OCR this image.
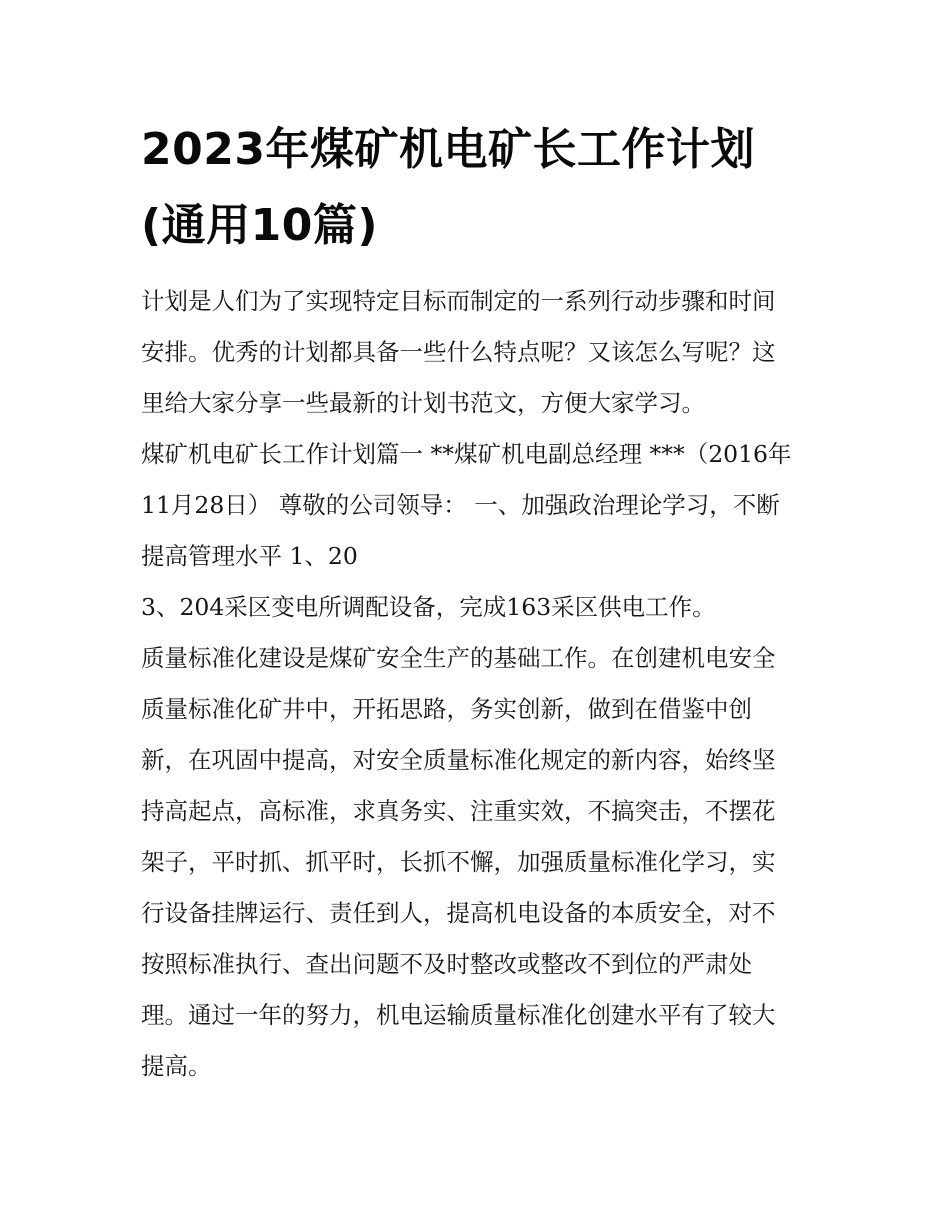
2023年煤矿机电矿长工作计划
(通用10篇)
计划是人们为了实现特定目标而制定的一系列行动步骤和时间
安排。优秀的计划都具备一些什么特点呢？又该怎么写呢？这
里给大家分享一些最新的计划书范文，方便大家学习。
煤矿机电矿长工作计划篇一 **煤矿机电副总经理 ***（2016年
11月28日） 尊敬的公司领导： 一、加强政治理论学习，不断
提高管理水平 1、20
3、204采区变电所调配设备，完成163采区供电工作。
质量标准化建设是煤矿安全生产的基础工作。在创建机电安全
质量标准化矿井中，开拓思路，务实创新，做到在借鉴中创
新，在巩固中提高，对安全质量标准化规定的新内容，始终坚
持高起点，高标准，求真务实、注重实效，不搞突击，不摆花
架子，平时抓、抓平时，长抓不懈，加强质量标准化学习，实
行设备挂牌运行、责任到人，提高机电设备的本质安全，对不
按照标准执行、查出问题不及时整改或整改不到位的严肃处
理。通过一年的努力，机电运输质量标准化创建水平有了较大
提高。
